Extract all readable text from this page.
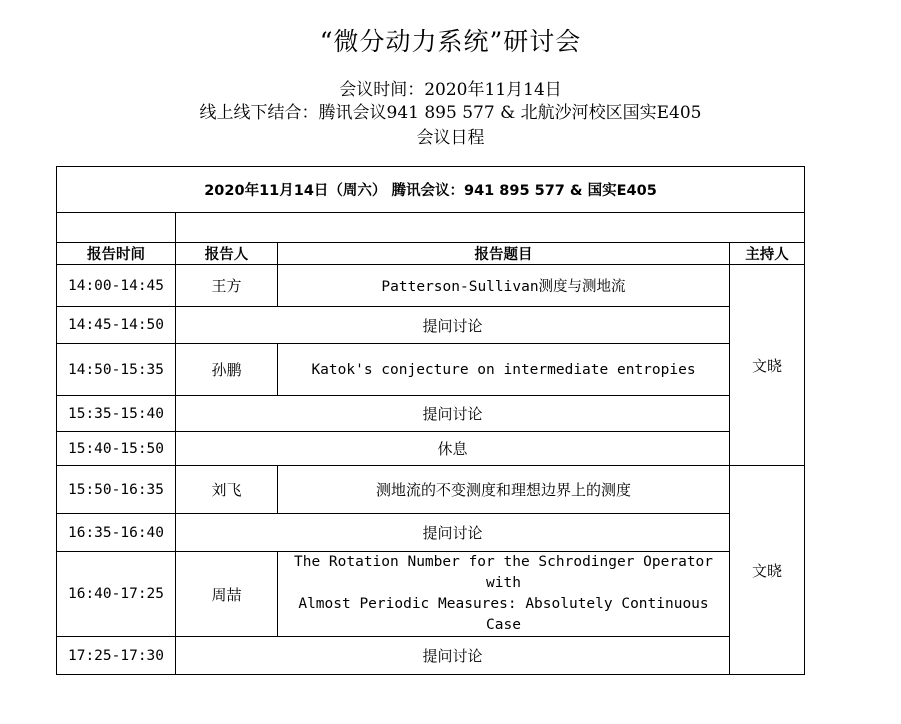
“微分动力系统”研讨会
会议时间：2020年11月14日
线上线下结合：腾讯会议941 895 577 & 北航沙河校区国实E405
会议日程
2020年11月14日（周六） 腾讯会议：941 895 577 & 国实E405			

报告时间	报告人	报告题目	主持人
14:00-14:45	王方	Patterson-Sullivan测度与测地流	文晓
14:45-14:50	提问讨论		
14:50-15:35	孙鹏	Katok's conjecture on intermediate entropies	
15:35-15:40	提问讨论		
15:40-15:50	休息		
15:50-16:35	刘飞	测地流的不变测度和理想边界上的测度	文晓
16:35-16:40	提问讨论		
16:40-17:25	周喆	The Rotation Number for the Schrodinger Operator with
Almost Periodic Measures: Absolutely Continuous Case	

17:25-17:30	提问讨论		
